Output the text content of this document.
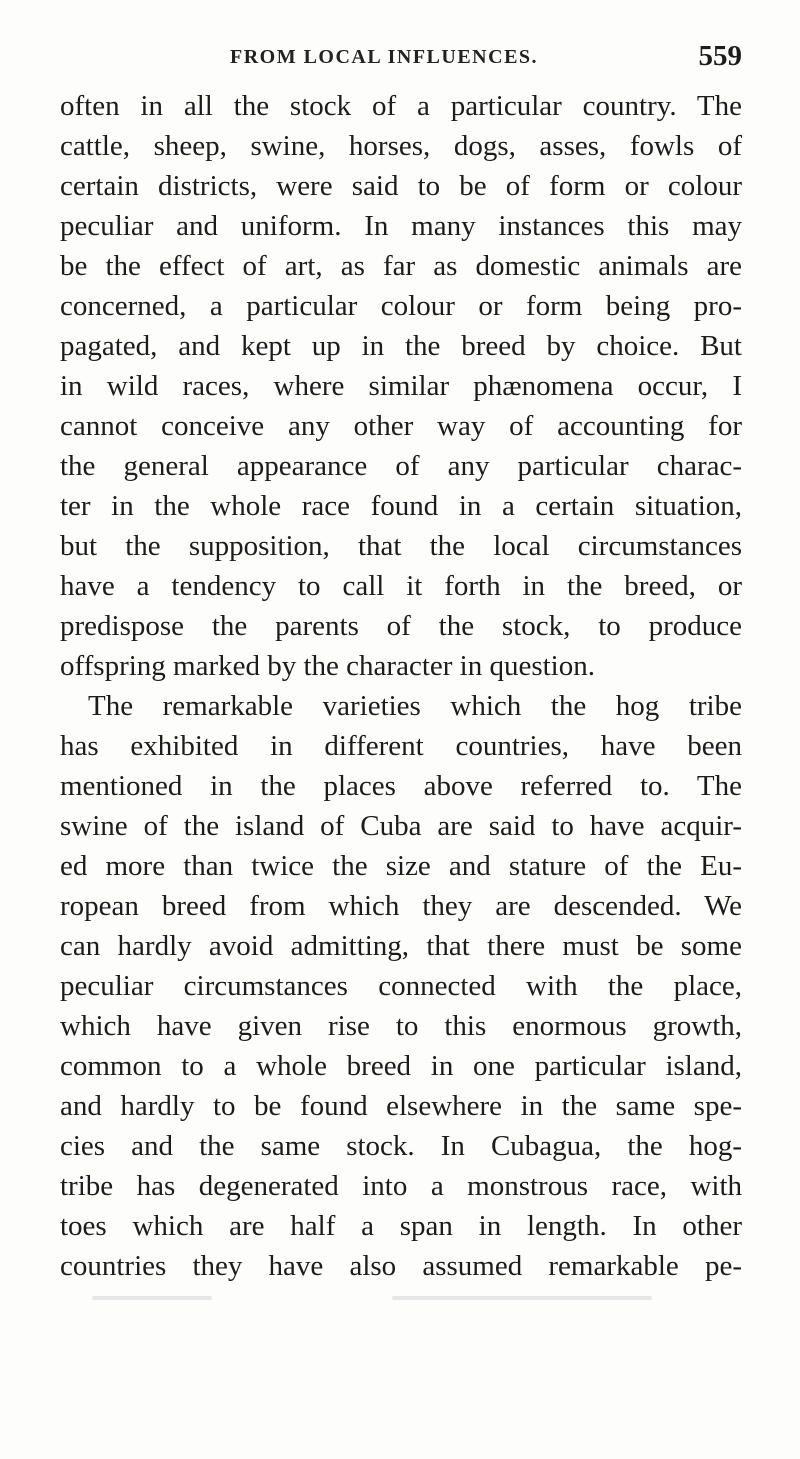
FROM LOCAL INFLUENCES.	559
often in all the stock of a particular country. The
cattle, sheep, swine, horses, dogs, asses, fowls of
certain districts, were said to be of form or colour
peculiar and uniform. In many instances this may
be the effect of art, as far as domestic animals are
concerned, a particular colour or form being pro-
pagated, and kept up in the breed by choice. But
in wild races, where similar phænomena occur, I
cannot conceive any other way of accounting for
the general appearance of any particular charac-
ter in the whole race found in a certain situation,
but the supposition, that the local circumstances
have a tendency to call it forth in the breed, or
predispose the parents of the stock, to produce
offspring marked by the character in question.
The remarkable varieties which the hog tribe
has exhibited in different countries, have been
mentioned in the places above referred to. The
swine of the island of Cuba are said to have acquir-
ed more than twice the size and stature of the Eu-
ropean breed from which they are descended. We
can hardly avoid admitting, that there must be some
peculiar circumstances connected with the place,
which have given rise to this enormous growth,
common to a whole breed in one particular island,
and hardly to be found elsewhere in the same spe-
cies and the same stock. In Cubagua, the hog-
tribe has degenerated into a monstrous race, with
toes which are half a span in length. In other
countries they have also assumed remarkable pe-
